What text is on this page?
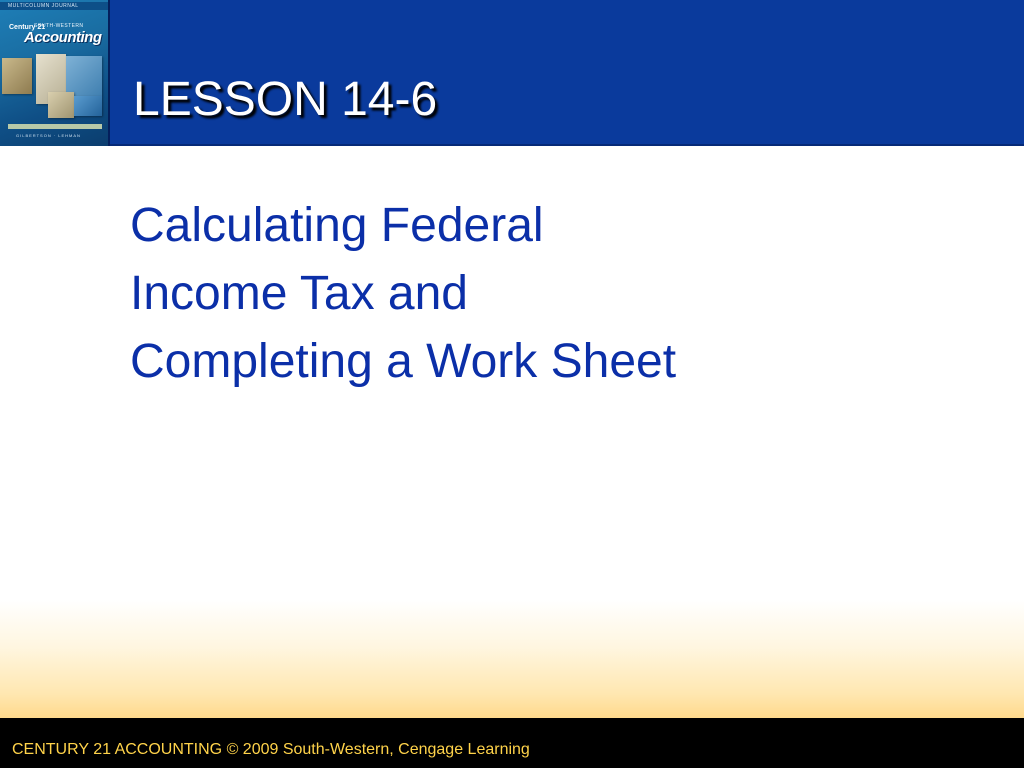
MULTICOLUMN JOURNAL
Century 21
SOUTH-WESTERN
Accounting
GILBERTSON · LEHMAN
LESSON 14-6
Calculating Federal
Income Tax and
Completing a Work Sheet
CENTURY 21 ACCOUNTING © 2009 South-Western, Cengage Learning
